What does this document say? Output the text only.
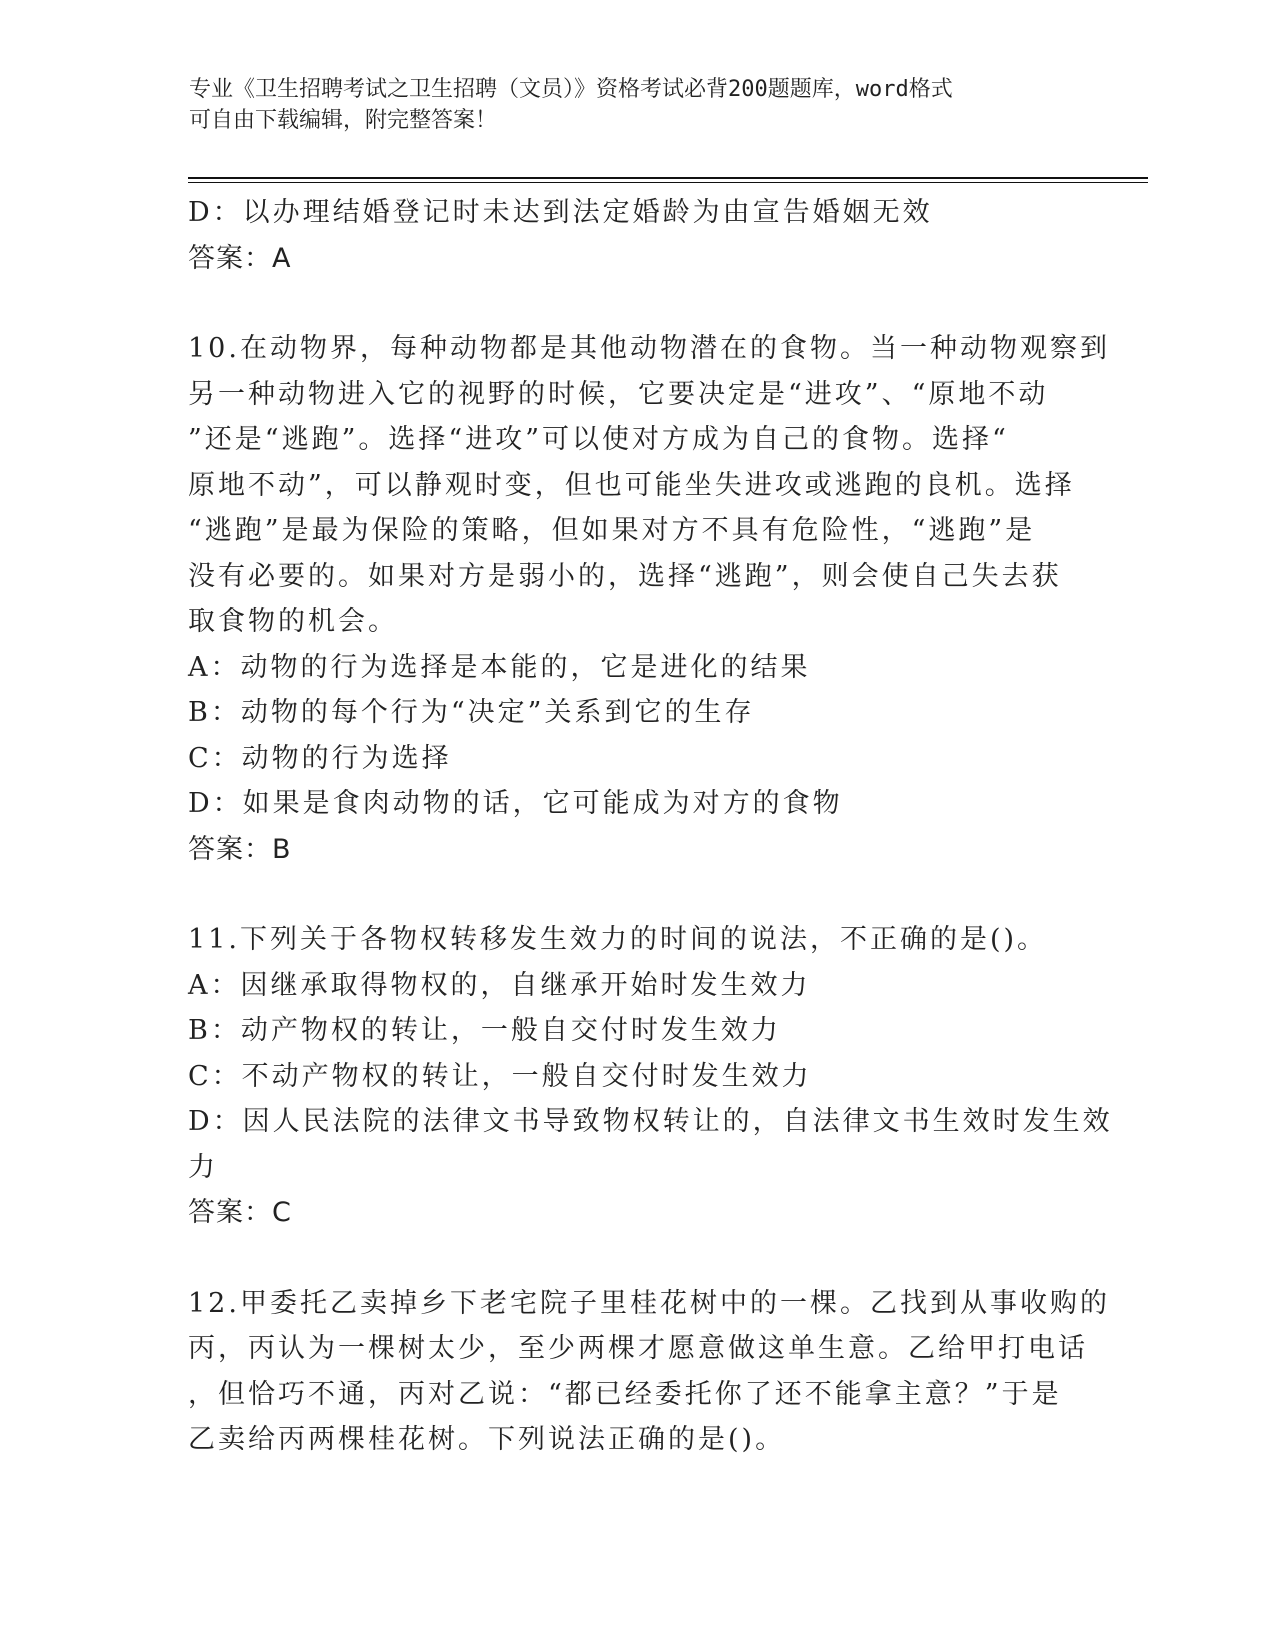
专业《卫生招聘考试之卫生招聘（文员）》资格考试必背200题题库，word格式
可自由下载编辑，附完整答案！

D：以办理结婚登记时未达到法定婚龄为由宣告婚姻无效

答案：A

10.在动物界，每种动物都是其他动物潜在的食物。当一种动物观察到

另一种动物进入它的视野的时候，它要决定是“进攻”、“原地不动

”还是“逃跑”。选择“进攻”可以使对方成为自己的食物。选择“

原地不动”，可以静观时变，但也可能坐失进攻或逃跑的良机。选择

“逃跑”是最为保险的策略，但如果对方不具有危险性，“逃跑”是

没有必要的。如果对方是弱小的，选择“逃跑”，则会使自己失去获

取食物的机会。

A：动物的行为选择是本能的，它是进化的结果

B：动物的每个行为“决定”关系到它的生存

C：动物的行为选择

D：如果是食肉动物的话，它可能成为对方的食物

答案：B

11.下列关于各物权转移发生效力的时间的说法，不正确的是()。

A：因继承取得物权的，自继承开始时发生效力

B：动产物权的转让，一般自交付时发生效力

C：不动产物权的转让，一般自交付时发生效力

D：因人民法院的法律文书导致物权转让的，自法律文书生效时发生效

力

答案：C

12.甲委托乙卖掉乡下老宅院子里桂花树中的一棵。乙找到从事收购的

丙，丙认为一棵树太少，至少两棵才愿意做这单生意。乙给甲打电话

，但恰巧不通，丙对乙说：“都已经委托你了还不能拿主意？”于是

乙卖给丙两棵桂花树。下列说法正确的是()。
